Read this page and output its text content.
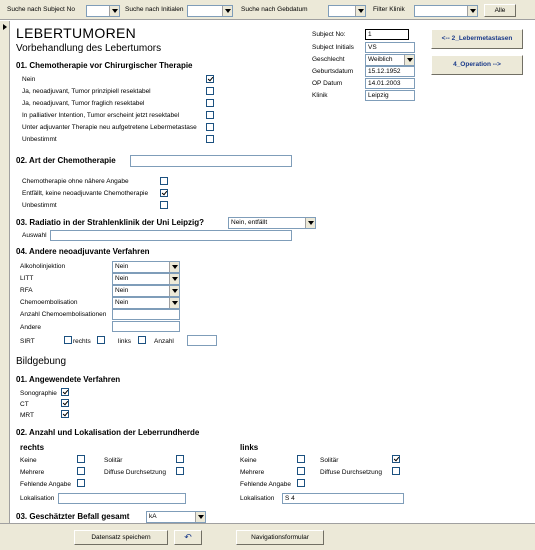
Suche nach Subject No	Suche nach Initialen	Suche nach Gebdatum	Filter Klinik	Alle
LEBERTUMOREN
Vorbehandlung des Lebertumors
Subject No:	1
Subject Initials VS
Geschlecht	Weiblich
Geburtsdatum 15.12.1952
OP Datum	14.01.2003
Klinik	Leipzig
<-- 2_Lebermetastasen
4_Operation -->
01. Chemotherapie vor Chirurgischer Therapie
Nein
Ja, neoadjuvant, Tumor prinzipiell resektabel
Ja, neoadjuvant, Tumor fraglich resektabel
In palliativer Intention, Tumor erscheint jetzt resektabel
Unter adjuvanter Therapie neu aufgetretene Lebermetastase
Unbestimmt
02. Art der Chemotherapie
Chemotherapie ohne nähere Angabe
Entfällt, keine neoadjuvante Chemotherapie
Unbestimmt
03. Radiatio in der Strahlenklinik der Uni Leipzig?	Nein, entfällt
Auswahl
04. Andere neoadjuvante Verfahren
Alkoholinjektion	Nein
LITT	Nein
RFA	Nein
Chemoembolisation	Nein
Anzahl Chemoembolisationen
Andere
SIRT	rechts	links	Anzahl
Bildgebung
01. Angewendete Verfahren
Sonographie
CT
MRT
02. Anzahl und Lokalisation der Leberrundherde
rechts
Keine	Solitär
Mehrere	Diffuse Durchsetzung
Fehlende Angabe
Lokalisation
links
Keine	Solitär
Mehrere	Diffuse Durchsetzung
Fehlende Angabe
Lokalisation S 4
03. Geschätzter Befall gesamt	kA
Datensatz speichern	↶	Navigationsformular
